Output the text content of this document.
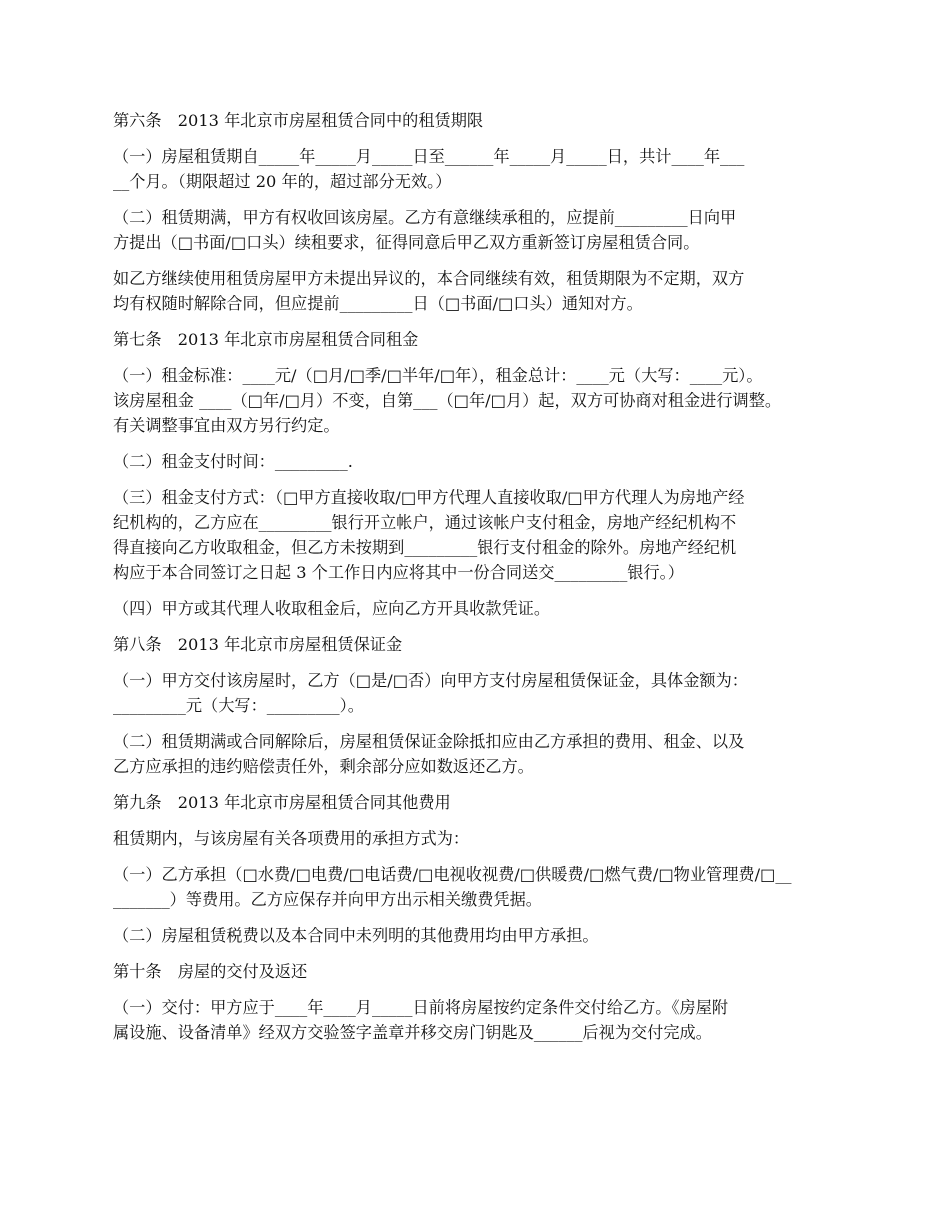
第六条　2013 年北京市房屋租赁合同中的租赁期限

（一）房屋租赁期自_____年_____月_____日至______年_____月_____日，共计____年___
__个月。（期限超过 20 年的，超过部分无效。）

（二）租赁期满，甲方有权收回该房屋。乙方有意继续承租的，应提前_________日向甲
方提出（□书面/□口头）续租要求，征得同意后甲乙双方重新签订房屋租赁合同。

如乙方继续使用租赁房屋甲方未提出异议的，本合同继续有效，租赁期限为不定期，双方
均有权随时解除合同，但应提前_________日（□书面/□口头）通知对方。

第七条　2013 年北京市房屋租赁合同租金

（一）租金标准：____元/（□月/□季/□半年/□年），租金总计：____元（大写：____元）。
该房屋租金 ____（□年/□月）不变，自第___（□年/□月）起，双方可协商对租金进行调整。
有关调整事宜由双方另行约定。

（二）租金支付时间：_________.

（三）租金支付方式：（□甲方直接收取/□甲方代理人直接收取/□甲方代理人为房地产经
纪机构的，乙方应在_________银行开立帐户，通过该帐户支付租金，房地产经纪机构不
得直接向乙方收取租金，但乙方未按期到_________银行支付租金的除外。房地产经纪机
构应于本合同签订之日起 3 个工作日内应将其中一份合同送交_________银行。）

（四）甲方或其代理人收取租金后，应向乙方开具收款凭证。

第八条　2013 年北京市房屋租赁保证金

（一）甲方交付该房屋时，乙方（□是/□否）向甲方支付房屋租赁保证金，具体金额为：
_________元（大写：_________）。

（二）租赁期满或合同解除后，房屋租赁保证金除抵扣应由乙方承担的费用、租金、以及
乙方应承担的违约赔偿责任外，剩余部分应如数返还乙方。

第九条　2013 年北京市房屋租赁合同其他费用

租赁期内，与该房屋有关各项费用的承担方式为：

（一）乙方承担（□水费/□电费/□电话费/□电视收视费/□供暖费/□燃气费/□物业管理费/□__
_______）等费用。乙方应保存并向甲方出示相关缴费凭据。

（二）房屋租赁税费以及本合同中未列明的其他费用均由甲方承担。

第十条　房屋的交付及返还

（一）交付：甲方应于____年____月_____日前将房屋按约定条件交付给乙方。《房屋附
属设施、设备清单》经双方交验签字盖章并移交房门钥匙及______后视为交付完成。
